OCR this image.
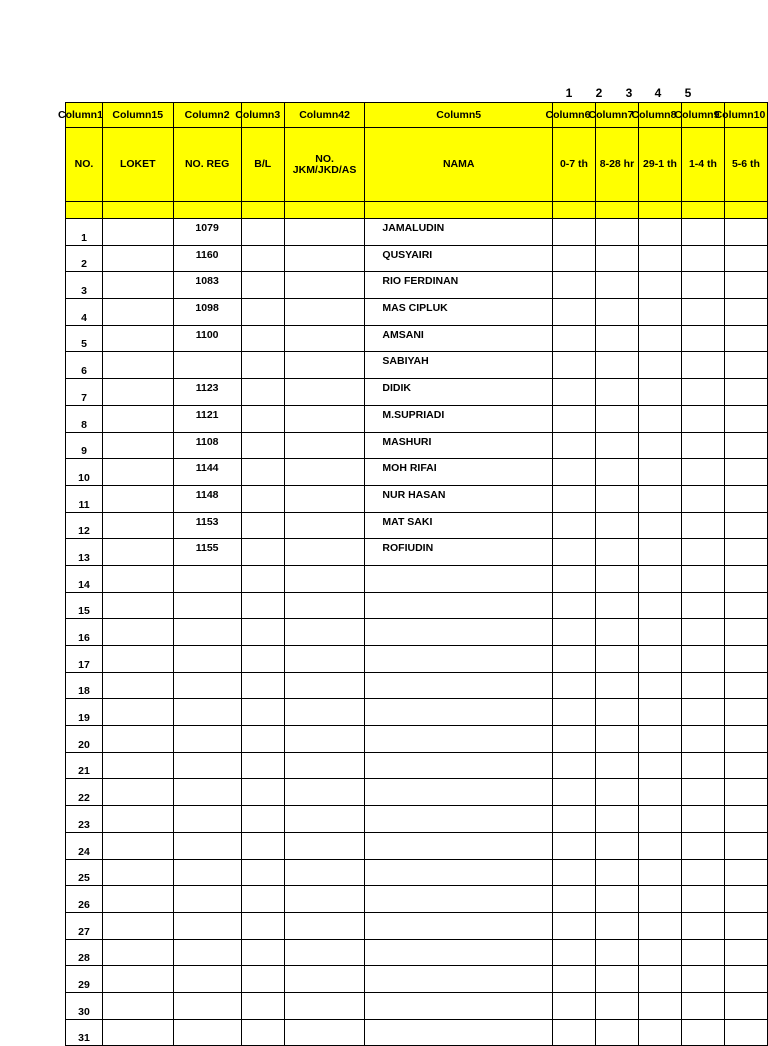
1	2	3	4	5
Column1	Column15	Column2	Column3	Column42	Column5	Column6	Column7	Column8	Column9	Column10

NO.	LOKET	NO. REG	B/L	NO. JKM/JKD/AS	NAMA	0-7 th	8-28 hr	29-1 th	1-4 th	5-6 th

1		1079			JAMALUDIN					
2		1160			QUSYAIRI					
3		1083			RIO FERDINAN					
4		1098			MAS CIPLUK					
5		1100			AMSANI					
6					SABIYAH					
7		1123			DIDIK					
8		1121			M.SUPRIADI					
9		1108			MASHURI					
10		1144			MOH RIFAI					
11		1148			NUR HASAN					
12		1153			MAT SAKI					
13		1155			ROFIUDIN					
14										
15										
16										
17										
18										
19										
20										
21										
22										
23										
24										
25										
26										
27										
28										
29										
30										
31										
